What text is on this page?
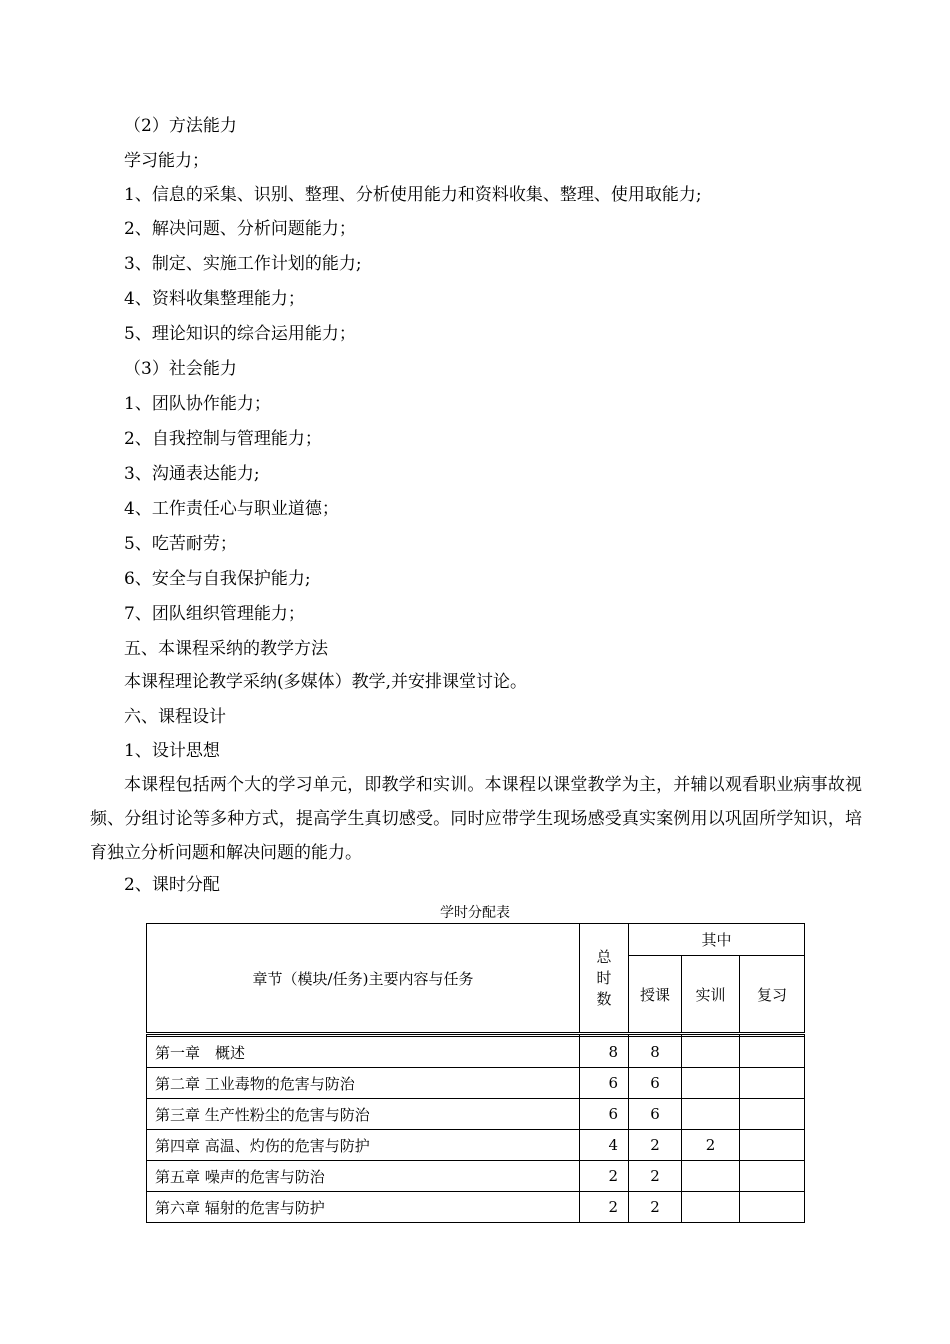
（2）方法能力
学习能力；
1、信息的采集、识别、整理、分析使用能力和资料收集、整理、使用取能力;
2、解决问题、分析问题能力；
3、制定、实施工作计划的能力;
4、资料收集整理能力；
5、理论知识的综合运用能力；
（3）社会能力
1、团队协作能力；
2、自我控制与管理能力；
3、沟通表达能力;
4、工作责任心与职业道德；
5、吃苦耐劳；
6、安全与自我保护能力;
7、团队组织管理能力；
五、本课程采纳的教学方法
本课程理论教学采纳(多媒体）教学,并安排课堂讨论。
六、课程设计
1、设计思想
本课程包括两个大的学习单元，即教学和实训。本课程以课堂教学为主，并辅以观看职业病事故视频、分组讨论等多种方式，提高学生真切感受。同时应带学生现场感受真实案例用以巩固所学知识，培育独立分析问题和解决问题的能力。
2、课时分配
学时分配表
章节（模块/任务)主要内容与任务	总
时
数	其中		
		授课	实训	复习

第一章　概述	8	8		
第二章 工业毒物的危害与防治	6	6		
第三章 生产性粉尘的危害与防治	6	6		
第四章 高温、灼伤的危害与防护	4	2	2	
第五章 噪声的危害与防治	2	2		
第六章 辐射的危害与防护	2	2		
